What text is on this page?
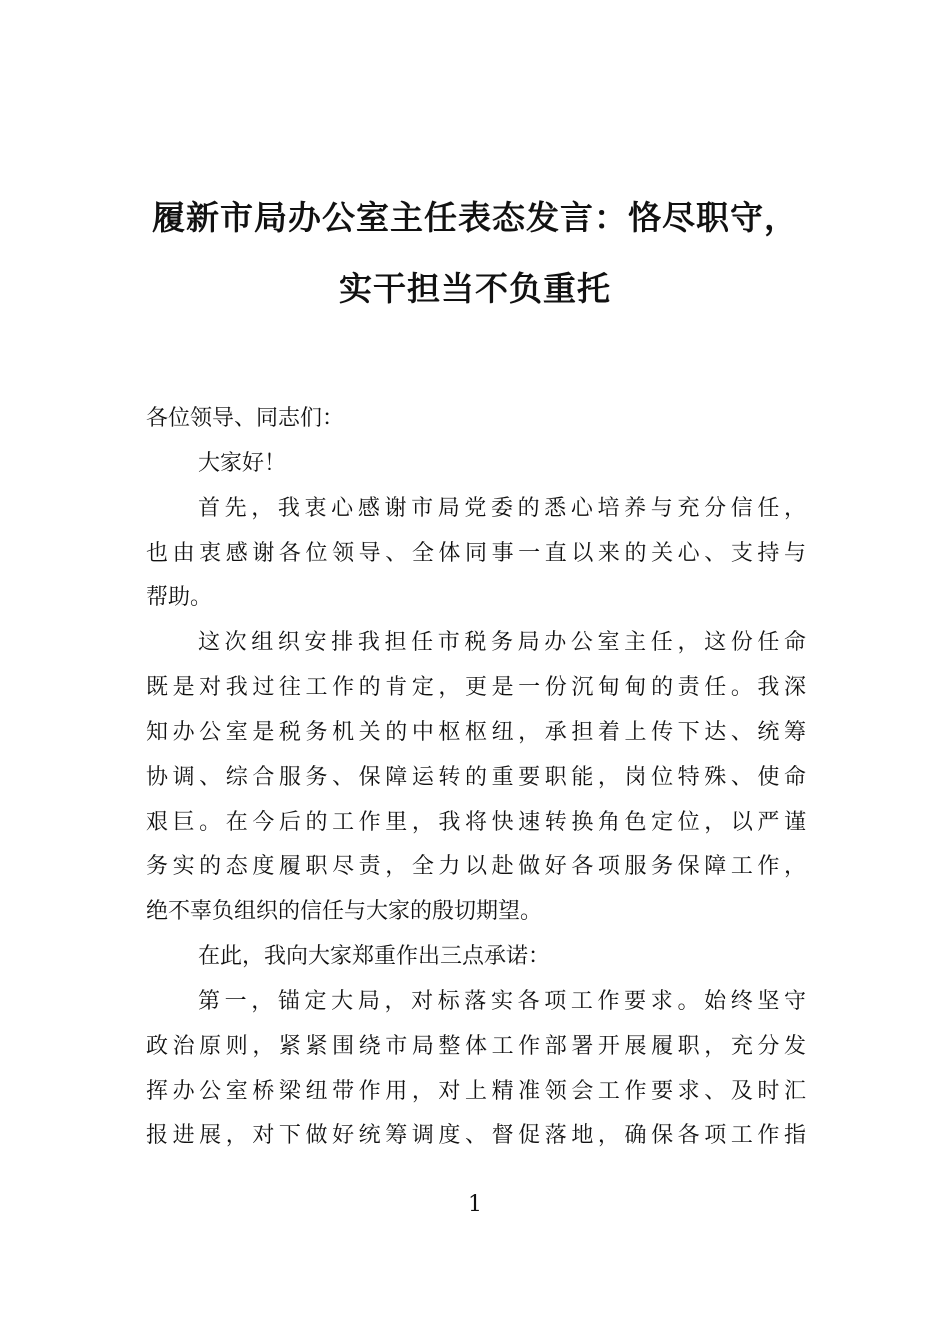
履新市局办公室主任表态发言：恪尽职守，
实干担当不负重托
各位领导、同志们：
大家好！
首先，我衷心感谢市局党委的悉心培养与充分信任，
也由衷感谢各位领导、全体同事一直以来的关心、支持与
帮助。
这次组织安排我担任市税务局办公室主任，这份任命
既是对我过往工作的肯定，更是一份沉甸甸的责任。我深
知办公室是税务机关的中枢枢纽，承担着上传下达、统筹
协调、综合服务、保障运转的重要职能，岗位特殊、使命
艰巨。在今后的工作里，我将快速转换角色定位，以严谨
务实的态度履职尽责，全力以赴做好各项服务保障工作，
绝不辜负组织的信任与大家的殷切期望。
在此，我向大家郑重作出三点承诺：
第一，锚定大局，对标落实各项工作要求。始终坚守
政治原则，紧紧围绕市局整体工作部署开展履职，充分发
挥办公室桥梁纽带作用，对上精准领会工作要求、及时汇
报进展，对下做好统筹调度、督促落地，确保各项工作指
1
